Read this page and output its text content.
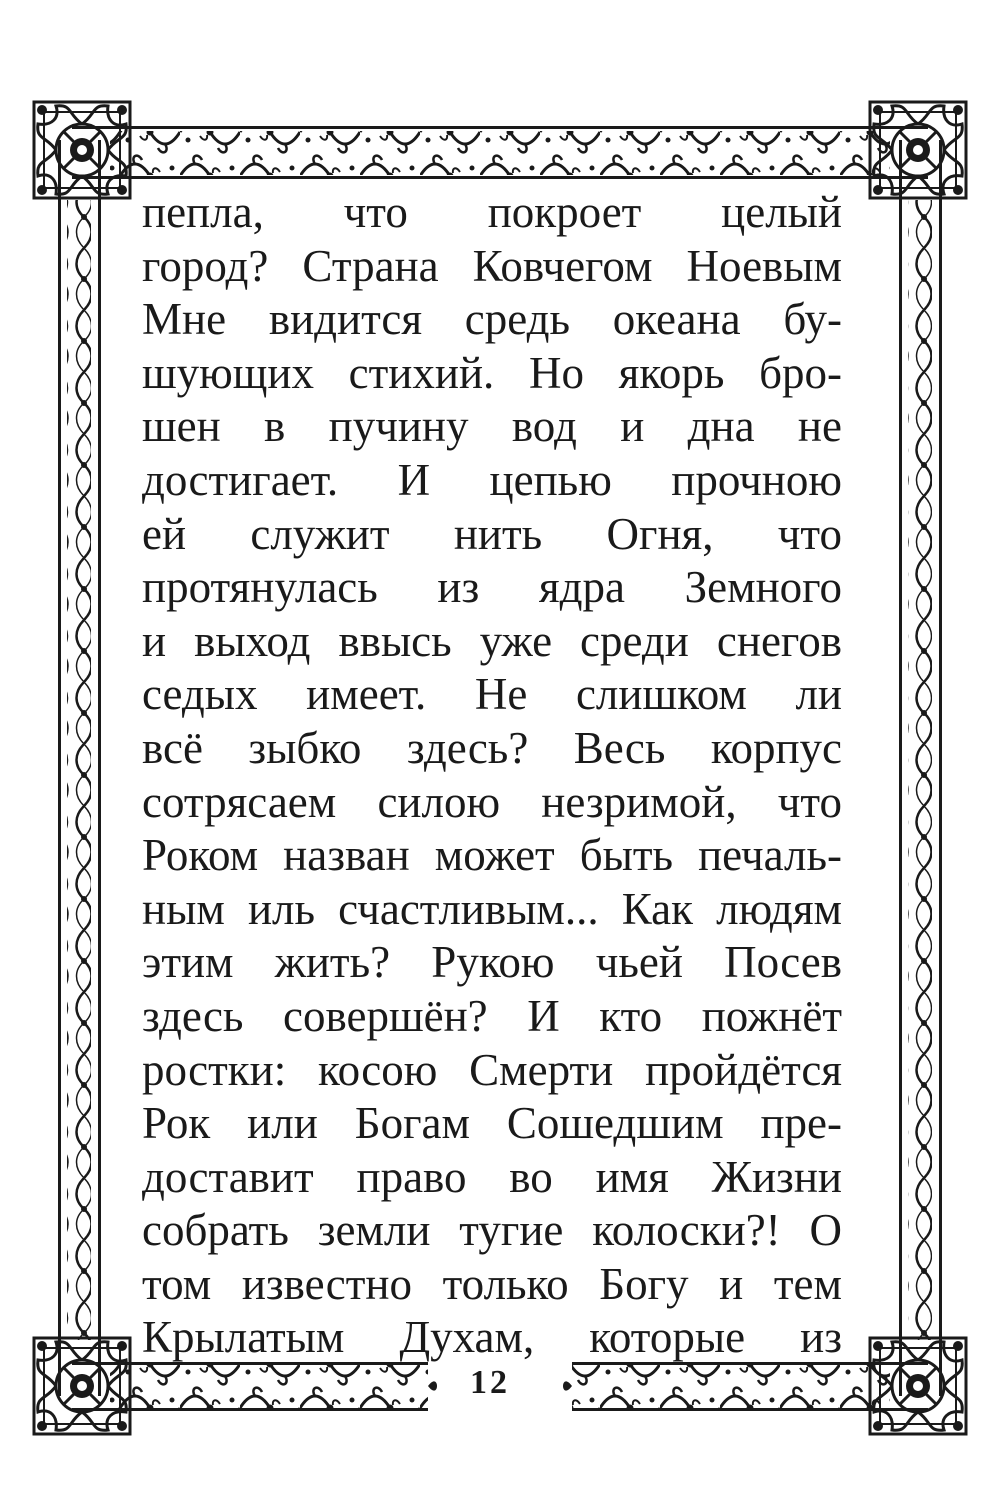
пепла, что покроет целый
город? Страна Ковчегом Ноевым
Мне видится средь океана бу-
шующих стихий. Но якорь бро-
шен в пучину вод и дна не
достигает. И цепью прочною
ей служит нить Огня, что
протянулась из ядра Земного
и выход ввысь уже среди снегов
седых имеет. Не слишком ли
всё зыбко здесь? Весь корпус
сотрясаем силою незримой, что
Роком назван может быть печаль-
ным иль счастливым... Как людям
этим жить? Рукою чьей Посев
здесь совершён? И кто пожнёт
ростки: косою Смерти пройдётся
Рок или Богам Сошедшим пре-
доставит право во имя Жизни
собрать земли тугие колоски?! О
том известно только Богу и тем
Крылатым Духам, которые из
12
